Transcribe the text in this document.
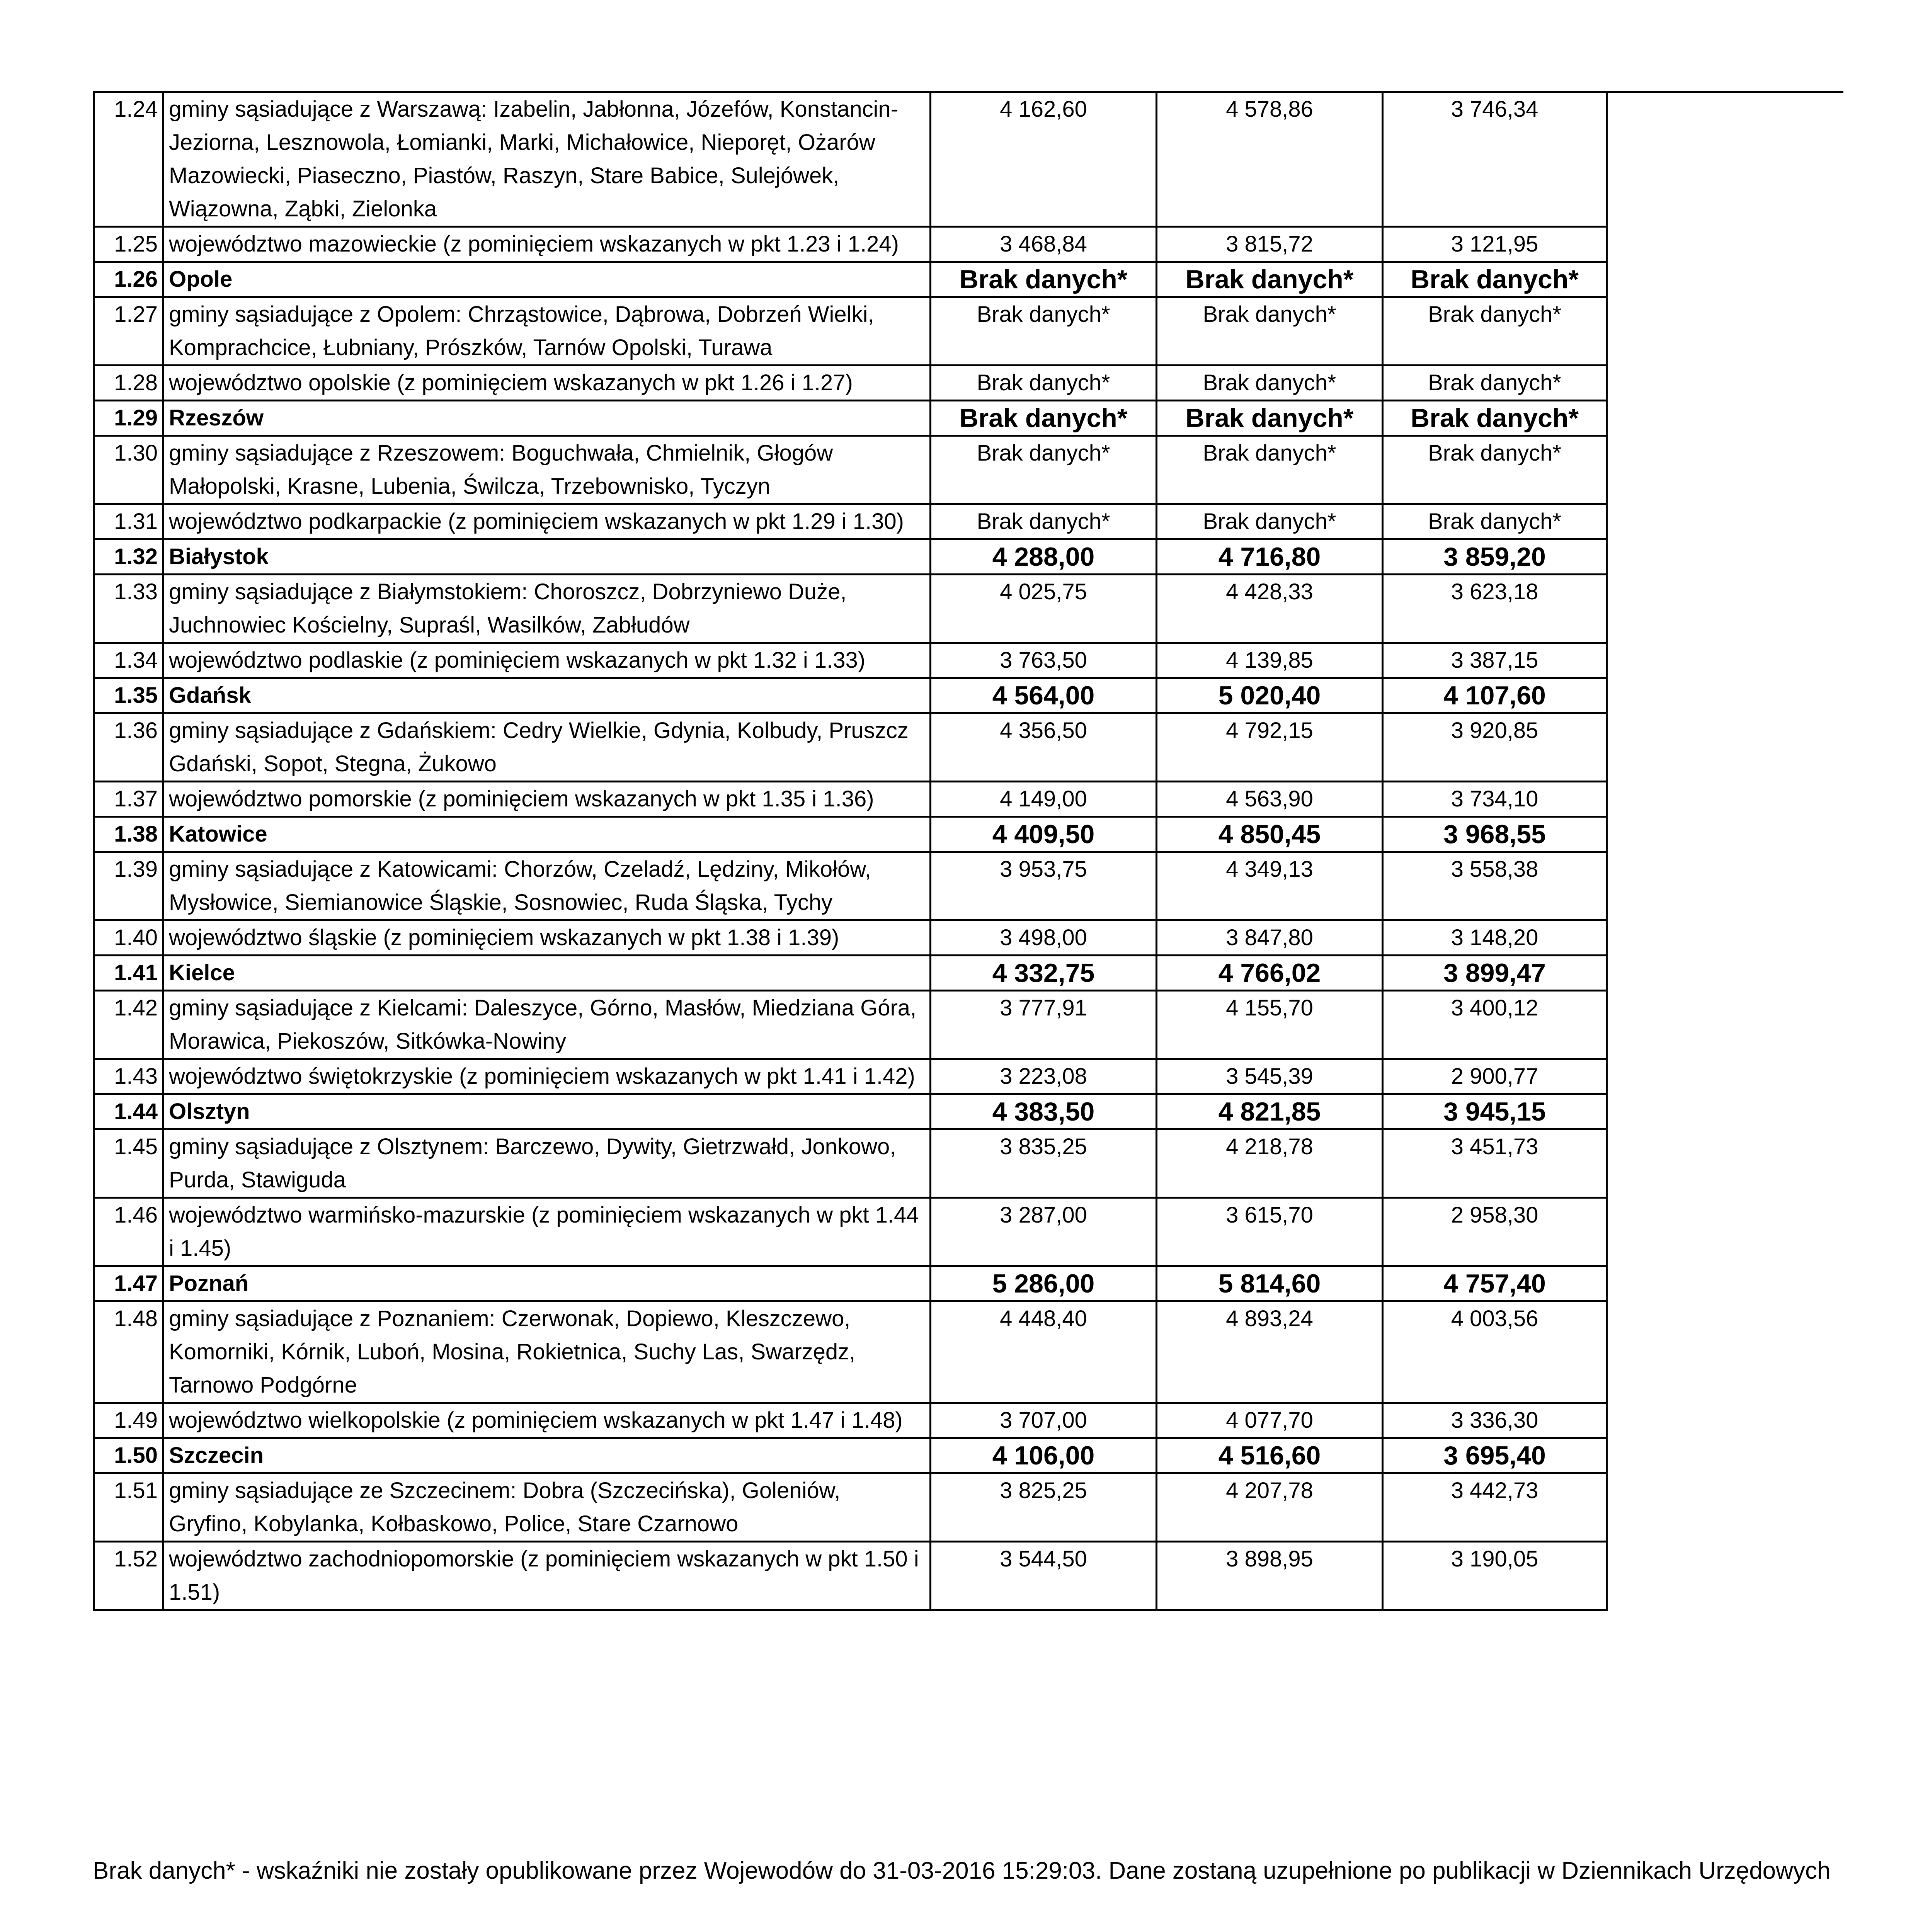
1.24	gminy sąsiadujące z Warszawą: Izabelin, Jabłonna, Józefów, Konstancin-Jeziorna, Lesznowola, Łomianki, Marki, Michałowice, Nieporęt, Ożarów Mazowiecki, Piaseczno, Piastów, Raszyn, Stare Babice, Sulejówek, Wiązowna, Ząbki, Zielonka	4 162,60	4 578,86	3 746,34
1.25	województwo mazowieckie (z pominięciem wskazanych w pkt 1.23 i 1.24)	3 468,84	3 815,72	3 121,95
1.26	Opole	Brak danych*	Brak danych*	Brak danych*
1.27	gminy sąsiadujące z Opolem: Chrząstowice, Dąbrowa, Dobrzeń Wielki, Komprachcice, Łubniany, Prószków, Tarnów Opolski, Turawa	Brak danych*	Brak danych*	Brak danych*
1.28	województwo opolskie (z pominięciem wskazanych w pkt 1.26 i 1.27)	Brak danych*	Brak danych*	Brak danych*
1.29	Rzeszów	Brak danych*	Brak danych*	Brak danych*
1.30	gminy sąsiadujące z Rzeszowem: Boguchwała, Chmielnik, Głogów Małopolski, Krasne, Lubenia, Świlcza, Trzebownisko, Tyczyn	Brak danych*	Brak danych*	Brak danych*
1.31	województwo podkarpackie (z pominięciem wskazanych w pkt 1.29 i 1.30)	Brak danych*	Brak danych*	Brak danych*
1.32	Białystok	4 288,00	4 716,80	3 859,20
1.33	gminy sąsiadujące z Białymstokiem: Choroszcz, Dobrzyniewo Duże, Juchnowiec Kościelny, Supraśl, Wasilków, Zabłudów	4 025,75	4 428,33	3 623,18
1.34	województwo podlaskie (z pominięciem wskazanych w pkt 1.32 i 1.33)	3 763,50	4 139,85	3 387,15
1.35	Gdańsk	4 564,00	5 020,40	4 107,60
1.36	gminy sąsiadujące z Gdańskiem: Cedry Wielkie, Gdynia, Kolbudy, Pruszcz Gdański, Sopot, Stegna, Żukowo	4 356,50	4 792,15	3 920,85
1.37	województwo pomorskie (z pominięciem wskazanych w pkt 1.35 i 1.36)	4 149,00	4 563,90	3 734,10
1.38	Katowice	4 409,50	4 850,45	3 968,55
1.39	gminy sąsiadujące z Katowicami: Chorzów, Czeladź, Lędziny, Mikołów, Mysłowice, Siemianowice Śląskie, Sosnowiec, Ruda Śląska, Tychy	3 953,75	4 349,13	3 558,38
1.40	województwo śląskie (z pominięciem wskazanych w pkt 1.38 i 1.39)	3 498,00	3 847,80	3 148,20
1.41	Kielce	4 332,75	4 766,02	3 899,47
1.42	gminy sąsiadujące z Kielcami: Daleszyce, Górno, Masłów, Miedziana Góra, Morawica, Piekoszów, Sitkówka-Nowiny	3 777,91	4 155,70	3 400,12
1.43	województwo świętokrzyskie (z pominięciem wskazanych w pkt 1.41 i 1.42)	3 223,08	3 545,39	2 900,77
1.44	Olsztyn	4 383,50	4 821,85	3 945,15
1.45	gminy sąsiadujące z Olsztynem: Barczewo, Dywity, Gietrzwałd, Jonkowo, Purda, Stawiguda	3 835,25	4 218,78	3 451,73
1.46	województwo warmińsko-mazurskie (z pominięciem wskazanych w pkt 1.44 i 1.45)	3 287,00	3 615,70	2 958,30
1.47	Poznań	5 286,00	5 814,60	4 757,40
1.48	gminy sąsiadujące z Poznaniem: Czerwonak, Dopiewo, Kleszczewo, Komorniki, Kórnik, Luboń, Mosina, Rokietnica, Suchy Las, Swarzędz, Tarnowo Podgórne	4 448,40	4 893,24	4 003,56
1.49	województwo wielkopolskie (z pominięciem wskazanych w pkt 1.47 i 1.48)	3 707,00	4 077,70	3 336,30
1.50	Szczecin	4 106,00	4 516,60	3 695,40
1.51	gminy sąsiadujące ze Szczecinem: Dobra (Szczecińska), Goleniów, Gryfino, Kobylanka, Kołbaskowo, Police, Stare Czarnowo	3 825,25	4 207,78	3 442,73
1.52	województwo zachodniopomorskie (z pominięciem wskazanych w pkt 1.50 i 1.51)	3 544,50	3 898,95	3 190,05
Brak danych* - wskaźniki nie zostały opublikowane przez Wojewodów do 31-03-2016 15:29:03. Dane zostaną uzupełnione po publikacji w Dziennikach Urzędowych
